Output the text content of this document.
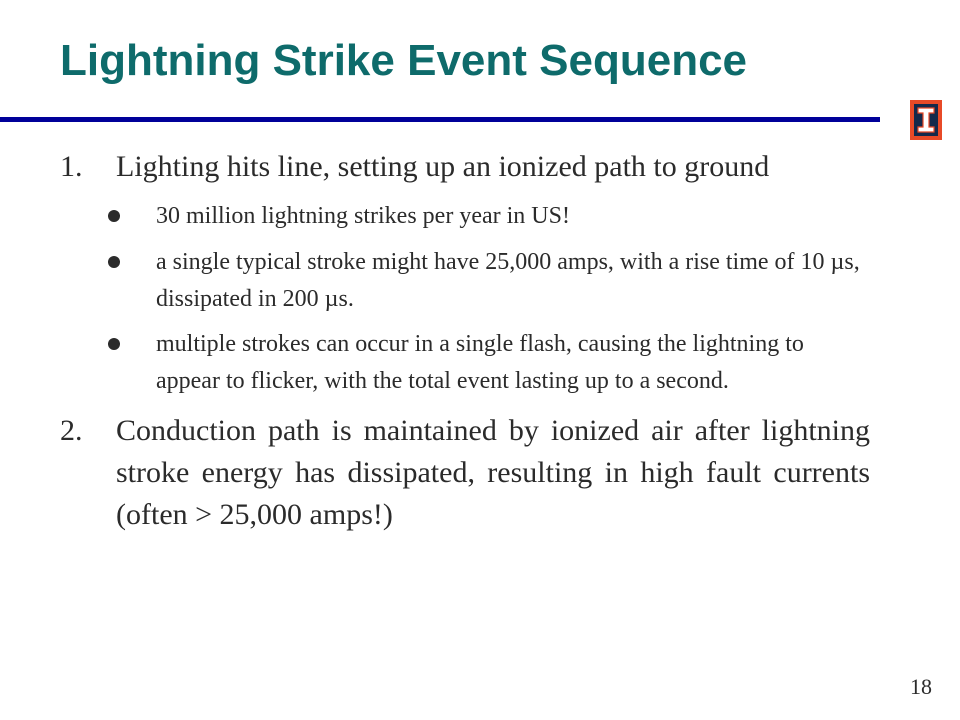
Lightning Strike Event Sequence
1.	Lighting hits line, setting up an ionized path to ground
30 million lightning strikes per year in US!
a single typical stroke might have 25,000 amps, with a rise time of 10 µs, dissipated in 200 µs.
multiple strokes can occur in a single flash, causing the lightning to appear to flicker, with the total event lasting up to a second.
2.	Conduction path is maintained by ionized air after lightning stroke energy has dissipated, resulting in high fault currents (often > 25,000 amps!)
18
